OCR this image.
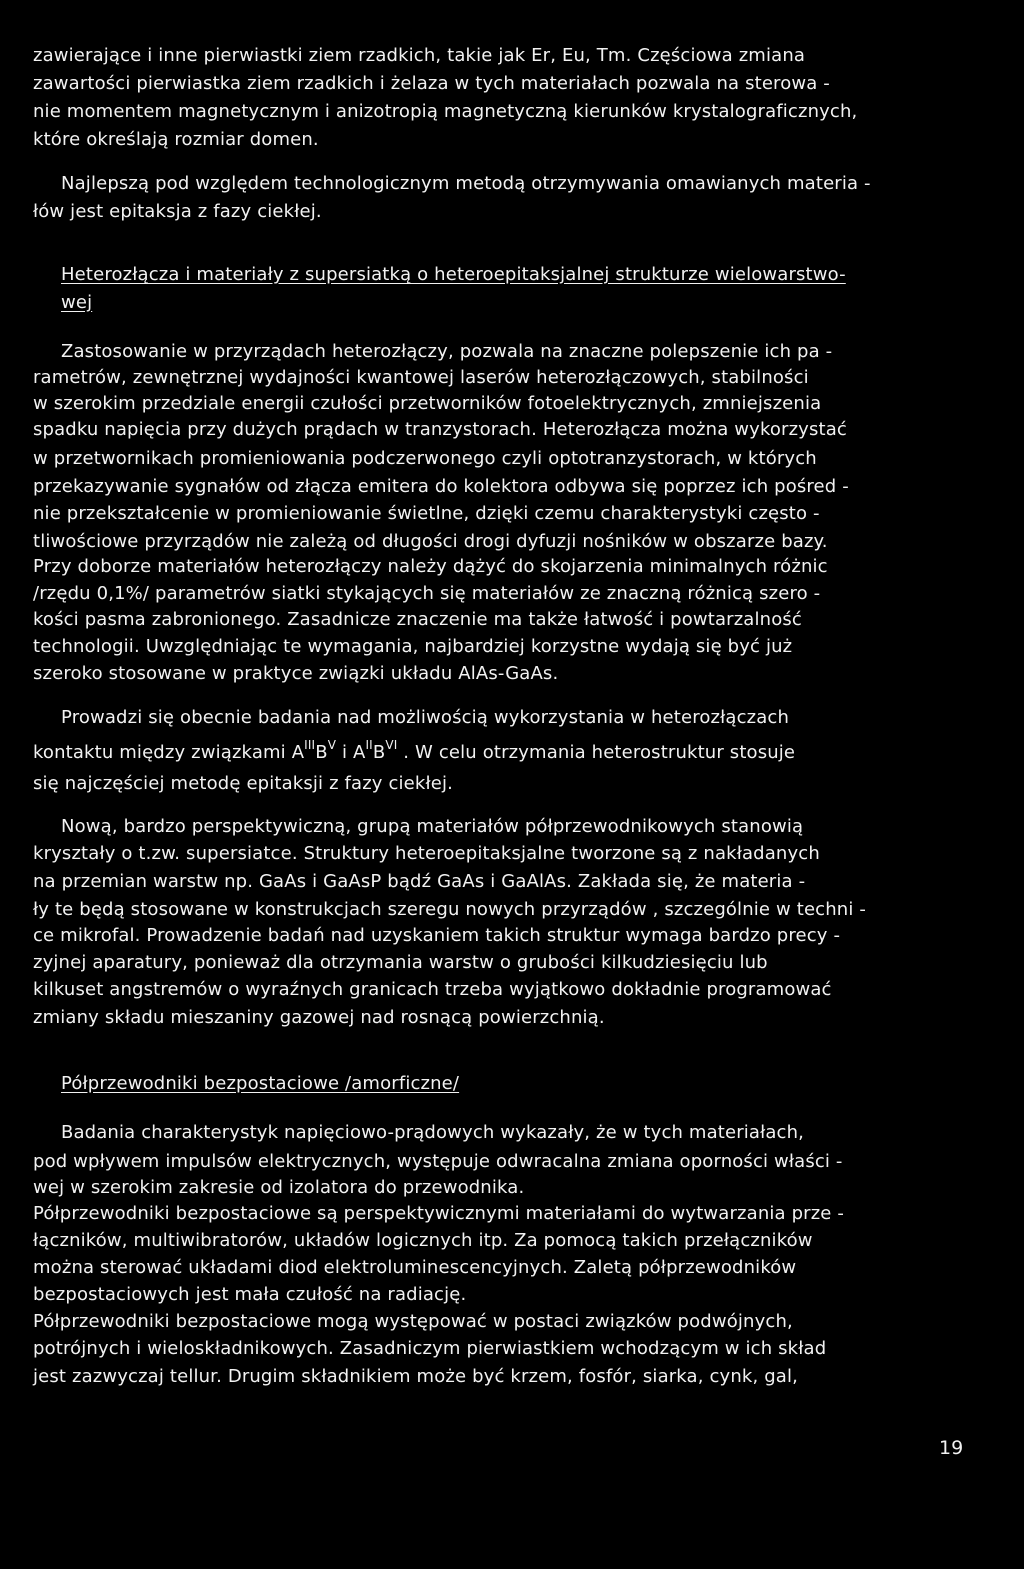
zawierające i inne pierwiastki ziem rzadkich, takie jak Er, Eu, Tm. Częściowa zmiana
zawartości pierwiastka ziem rzadkich i żelaza w tych materiałach pozwala na sterowa -
nie momentem magnetycznym i anizotropią magnetyczną kierunków krystalograficznych,
które określają rozmiar domen.
Najlepszą pod względem technologicznym metodą otrzymywania omawianych materia -
łów jest epitaksja z fazy ciekłej.
Heterozłącza i materiały z supersiatką o heteroepitaksjalnej strukturze wielowarstwo-
wej
Zastosowanie w przyrządach heterozłączy, pozwala na znaczne polepszenie ich pa -
rametrów, zewnętrznej wydajności kwantowej laserów heterozłączowych, stabilności
w szerokim przedziale energii czułości przetworników fotoelektrycznych, zmniejszenia
spadku napięcia przy dużych prądach w tranzystorach. Heterozłącza można wykorzystać
w przetwornikach promieniowania podczerwonego czyli optotranzystorach, w których
przekazywanie sygnałów od złącza emitera do kolektora odbywa się poprzez ich pośred -
nie przekształcenie w promieniowanie świetlne, dzięki czemu charakterystyki często -
tliwościowe przyrządów nie zależą od długości drogi dyfuzji nośników w obszarze bazy.
Przy doborze materiałów heterozłączy należy dążyć do skojarzenia minimalnych różnic
/rzędu 0,1%/ parametrów siatki stykających się materiałów ze znaczną różnicą szero -
kości pasma zabronionego. Zasadnicze znaczenie ma także łatwość i powtarzalność
technologii. Uwzględniając te wymagania, najbardziej korzystne wydają się być już
szeroko stosowane w praktyce związki układu AlAs-GaAs.
Prowadzi się obecnie badania nad możliwością wykorzystania w heterozłączach
kontaktu między związkami $A^{III}B^V$ i $A^{II}B^{VI}$ . W celu otrzymania heterostruktur stosuje
się najczęściej metodę epitaksji z fazy ciekłej.
Nową, bardzo perspektywiczną, grupą materiałów półprzewodnikowych stanowią
kryształy o t.zw. supersiatce. Struktury heteroepitaksjalne tworzone są z nakładanych
na przemian warstw np. GaAs i GaAsP bądź GaAs i GaAlAs. Zakłada się, że materia -
ły te będą stosowane w konstrukcjach szeregu nowych przyrządów , szczególnie w techni -
ce mikrofal. Prowadzenie badań nad uzyskaniem takich struktur wymaga bardzo precy -
zyjnej aparatury, ponieważ dla otrzymania warstw o grubości kilkudziesięciu lub
kilkuset angstremów o wyraźnych granicach trzeba wyjątkowo dokładnie programować
zmiany składu mieszaniny gazowej nad rosnącą powierzchnią.
Półprzewodniki bezpostaciowe /amorficzne/
Badania charakterystyk napięciowo-prądowych wykazały, że w tych materiałach,
pod wpływem impulsów elektrycznych, występuje odwracalna zmiana oporności właści -
wej w szerokim zakresie od izolatora do przewodnika.
Półprzewodniki bezpostaciowe są perspektywicznymi materiałami do wytwarzania prze -
łączników, multiwibratorów, układów logicznych itp. Za pomocą takich przełączników
można sterować układami diod elektroluminescencyjnych. Zaletą półprzewodników
bezpostaciowych jest mała czułość na radiację.
Półprzewodniki bezpostaciowe mogą występować w postaci związków podwójnych,
potrójnych i wieloskładnikowych. Zasadniczym pierwiastkiem wchodzącym w ich skład
jest zazwyczaj tellur. Drugim składnikiem może być krzem, fosfór, siarka, cynk, gal,
19
